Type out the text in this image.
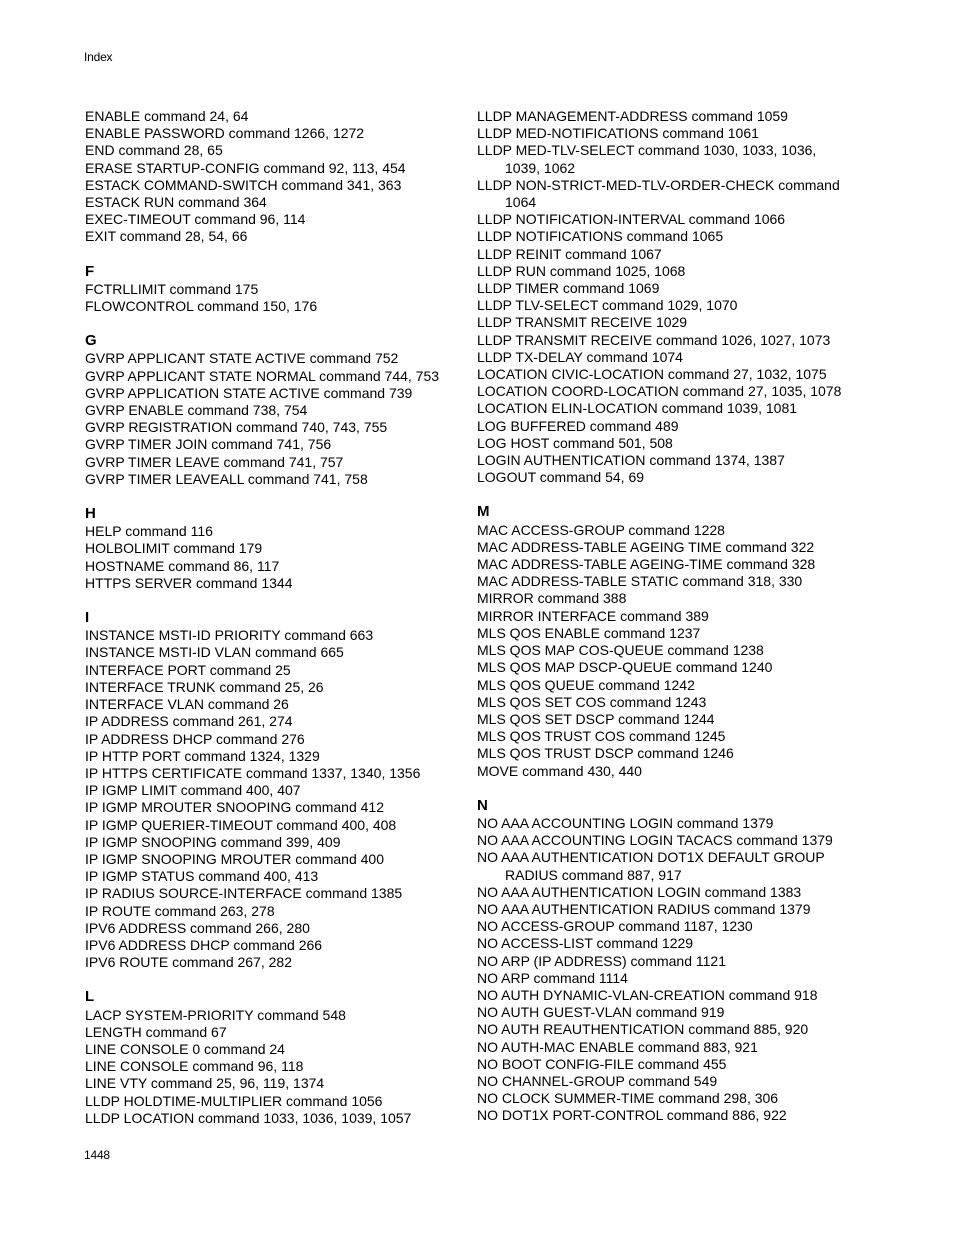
Index
ENABLE command 24, 64
ENABLE PASSWORD command 1266, 1272
END command 28, 65
ERASE STARTUP-CONFIG command 92, 113, 454
ESTACK COMMAND-SWITCH command 341, 363
ESTACK RUN command 364
EXEC-TIMEOUT command 96, 114
EXIT command 28, 54, 66
F
FCTRLLIMIT command 175
FLOWCONTROL command 150, 176
G
GVRP APPLICANT STATE ACTIVE command 752
GVRP APPLICANT STATE NORMAL command 744, 753
GVRP APPLICATION STATE ACTIVE command 739
GVRP ENABLE command 738, 754
GVRP REGISTRATION command 740, 743, 755
GVRP TIMER JOIN command 741, 756
GVRP TIMER LEAVE command 741, 757
GVRP TIMER LEAVEALL command 741, 758
H
HELP command 116
HOLBOLIMIT command 179
HOSTNAME command 86, 117
HTTPS SERVER command 1344
I
INSTANCE MSTI-ID PRIORITY command 663
INSTANCE MSTI-ID VLAN command 665
INTERFACE PORT command 25
INTERFACE TRUNK command 25, 26
INTERFACE VLAN command 26
IP ADDRESS command 261, 274
IP ADDRESS DHCP command 276
IP HTTP PORT command 1324, 1329
IP HTTPS CERTIFICATE command 1337, 1340, 1356
IP IGMP LIMIT command 400, 407
IP IGMP MROUTER SNOOPING command 412
IP IGMP QUERIER-TIMEOUT command 400, 408
IP IGMP SNOOPING command 399, 409
IP IGMP SNOOPING MROUTER command 400
IP IGMP STATUS command 400, 413
IP RADIUS SOURCE-INTERFACE command 1385
IP ROUTE command 263, 278
IPV6 ADDRESS command 266, 280
IPV6 ADDRESS DHCP command 266
IPV6 ROUTE command 267, 282
L
LACP SYSTEM-PRIORITY command 548
LENGTH command 67
LINE CONSOLE 0 command 24
LINE CONSOLE command 96, 118
LINE VTY command 25, 96, 119, 1374
LLDP HOLDTIME-MULTIPLIER command 1056
LLDP LOCATION command 1033, 1036, 1039, 1057
LLDP MANAGEMENT-ADDRESS command 1059
LLDP MED-NOTIFICATIONS command 1061
LLDP MED-TLV-SELECT command 1030, 1033, 1036,
1039, 1062
LLDP NON-STRICT-MED-TLV-ORDER-CHECK command
1064
LLDP NOTIFICATION-INTERVAL command 1066
LLDP NOTIFICATIONS command 1065
LLDP REINIT command 1067
LLDP RUN command 1025, 1068
LLDP TIMER command 1069
LLDP TLV-SELECT command 1029, 1070
LLDP TRANSMIT RECEIVE 1029
LLDP TRANSMIT RECEIVE command 1026, 1027, 1073
LLDP TX-DELAY command 1074
LOCATION CIVIC-LOCATION command 27, 1032, 1075
LOCATION COORD-LOCATION command 27, 1035, 1078
LOCATION ELIN-LOCATION command 1039, 1081
LOG BUFFERED command 489
LOG HOST command 501, 508
LOGIN AUTHENTICATION command 1374, 1387
LOGOUT command 54, 69
M
MAC ACCESS-GROUP command 1228
MAC ADDRESS-TABLE AGEING TIME command 322
MAC ADDRESS-TABLE AGEING-TIME command 328
MAC ADDRESS-TABLE STATIC command 318, 330
MIRROR command 388
MIRROR INTERFACE command 389
MLS QOS ENABLE command 1237
MLS QOS MAP COS-QUEUE command 1238
MLS QOS MAP DSCP-QUEUE command 1240
MLS QOS QUEUE command 1242
MLS QOS SET COS command 1243
MLS QOS SET DSCP command 1244
MLS QOS TRUST COS command 1245
MLS QOS TRUST DSCP command 1246
MOVE command 430, 440
N
NO AAA ACCOUNTING LOGIN command 1379
NO AAA ACCOUNTING LOGIN TACACS command 1379
NO AAA AUTHENTICATION DOT1X DEFAULT GROUP
RADIUS command 887, 917
NO AAA AUTHENTICATION LOGIN command 1383
NO AAA AUTHENTICATION RADIUS command 1379
NO ACCESS-GROUP command 1187, 1230
NO ACCESS-LIST command 1229
NO ARP (IP ADDRESS) command 1121
NO ARP command 1114
NO AUTH DYNAMIC-VLAN-CREATION command 918
NO AUTH GUEST-VLAN command 919
NO AUTH REAUTHENTICATION command 885, 920
NO AUTH-MAC ENABLE command 883, 921
NO BOOT CONFIG-FILE command 455
NO CHANNEL-GROUP command 549
NO CLOCK SUMMER-TIME command 298, 306
NO DOT1X PORT-CONTROL command 886, 922
1448
